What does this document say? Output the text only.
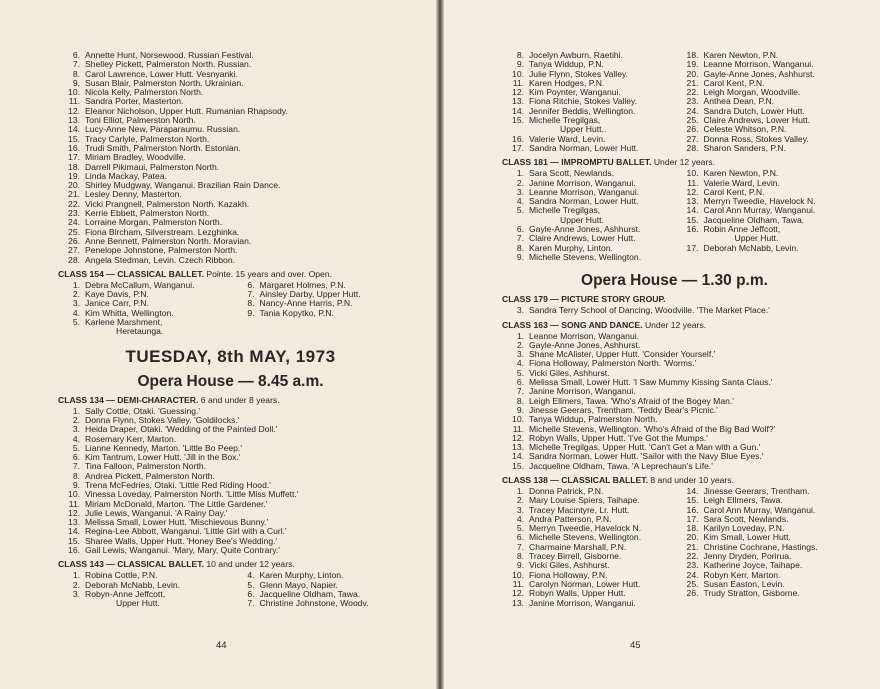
6. Annette Hunt, Norsewood. Russian Festival.
7. Shelley Pickett, Palmerston North. Russian.
8. Carol Lawrence, Lower Hutt. Vesnyanki.
9. Susan Blair, Palmerston North. Ukrainian.
10. Nicola Kelly, Palmerston North.
11. Sandra Porter, Masterton.
12. Eleanor Nicholson, Upper Hutt. Rumanian Rhapsody.
13. Toni Elliot, Palmerston North.
14. Lucy-Anne New, Paraparaumu. Russian.
15. Tracy Carlyle, Palmerston North.
16. Trudi Smith, Palmerston North. Estonian.
17. Miriam Bradley, Woodville.
18. Darrell Pikimaui, Palmerston North.
19. Linda Mackay, Patea.
20. Shirley Mudgway, Wanganui. Brazilian Rain Dance.
21. Lesley Denny, Masterton.
22. Vicki Prangnell, Palmerston North. Kazakh.
23. Kerrie Ebbett, Palmerston North.
24. Lorraine Morgan, Palmerston North.
25. Fiona Bircham, Silverstream. Lezghinka.
26. Anne Bennett, Palmerston North. Moravian.
27. Penelope Johnstone, Palmerston North.
28. Angela Stedman, Levin. Czech Ribbon.
CLASS 154 — CLASSICAL BALLET. Pointe. 15 years and over. Open.
1. Debra McCallum, Wanganui.
2. Kaye Davis, P.N.
3. Janice Carr, P.N.
4. Kim Whitta, Wellington.
5. Karlene Marshment,
Heretaunga.
6. Margaret Holmes, P.N.
7. Ainsley Darby, Upper Hutt.
8. Nancy-Anne Harris, P.N.
9. Tania Kopytko, P.N.
TUESDAY, 8th MAY, 1973
Opera House — 8.45 a.m.
CLASS 134 — DEMI-CHARACTER. 6 and under 8 years.
1. Sally Cottle, Otaki. 'Guessing.'
2. Donna Flynn, Stokes Valley. 'Goldilocks.'
3. Heida Draper, Otaki. 'Wedding of the Painted Doll.'
4. Rosemary Kerr, Marton.
5. Lianne Kennedy, Marton. 'Little Bo Peep.'
6. Kim Tantrum, Lower Hutt. 'Jill in the Box.'
7. Tina Falloon, Palmerston North.
8. Andrea Pickett, Palmerston North.
9. Trena McFedries, Otaki. 'Little Red Riding Hood.'
10. Vinessa Loveday, Palmerston North. 'Little Miss Muffett.'
11. Miriam McDonald, Marton. 'The Little Gardener.'
12. Julie Lewis, Wanganui. 'A Rainy Day.'
13. Melissa Small, Lower Hutt. 'Mischievous Bunny.'
14. Regina-Lee Abbott, Wanganui. 'Little Girl with a Curl.'
15. Sharee Walls, Upper Hutt. 'Honey Bee's Wedding.'
16. Gail Lewis, Wanganui. 'Mary, Mary, Quite Contrary.'
CLASS 143 — CLASSICAL BALLET. 10 and under 12 years.
1. Robina Cottle, P.N.
2. Deborah McNabb, Levin.
3. Robyn-Anne Jeffcott,
Upper Hutt.
4. Karen Murphy, Linton.
5. Glenn Mayo, Napier.
6. Jacqueline Oldham, Tawa.
7. Christine Johnstone, Woodv.
44
8. Jocelyn Awburn, Raetihi.
9. Tanya Widdup, P.N.
10. Julie Flynn, Stokes Valley.
11. Karen Hodges, P.N.
12. Kim Poynter, Wanganui.
13. Fiona Ritchie, Stokes Valley.
14. Jennifer Beddis, Wellington.
15. Michelle Tregilgas,
Upper Hutt..
16. Valerie Ward, Levin.
17. Sandra Norman, Lower Hutt.
18. Karen Newton, P.N.
19. Leanne Morrison, Wanganui.
20. Gayle-Anne Jones, Ashhurst.
21. Carol Kent, P.N.
22. Leigh Morgan, Woodville.
23. Anthea Dean, P.N.
24. Sandra Dutch, Lower Hutt.
25. Claire Andrews, Lower Hutt.
26. Celeste Whitson, P.N.
27. Donna Ross, Stokes Valley.
28. Sharon Sanders, P.N.
CLASS 181 — IMPROMPTU BALLET. Under 12 years.
1. Sara Scott, Newlands.
2. Janine Morrison, Wanganui.
3. Leanne Morrison, Wanganui.
4. Sandra Norman, Lower Hutt.
5. Michelle Tregilgas,
Upper Hutt.
6. Gayle-Anne Jones, Ashhurst.
7. Claire Andrews, Lower Hutt.
8. Karen Murphy, Linton.
9. Michelle Stevens, Wellington.
10. Karen Newton, P.N.
11. Valerie Ward, Levin.
12. Carol Kent, P.N.
13. Merryn Tweedie, Havelock N.
14. Carol Ann Murray, Wanganui.
15. Jacqueline Oldham, Tawa.
16. Robin Anne Jeffcott,
Upper Hutt.
17. Deborah McNabb, Levin.
Opera House — 1.30 p.m.
CLASS 179 — PICTURE STORY GROUP.
3. Sandra Terry School of Dancing, Woodville. 'The Market Place.'
CLASS 163 — SONG AND DANCE. Under 12 years.
1. Leanne Morrison, Wanganui.
2. Gayle-Anne Jones, Ashhurst.
3. Shane McAlister, Upper Hutt. 'Consider Yourself.'
4. Fiona Holloway, Palmerston North. 'Worms.'
5. Vicki Giles, Ashhurst.
6. Melissa Small, Lower Hutt. 'I Saw Mummy Kissing Santa Claus.'
7. Janine Morrison, Wanganui.
8. Leigh Ellmers, Tawa. 'Who's Afraid of the Bogey Man.'
9. Jinesse Geerars, Trentham. 'Teddy Bear's Picnic.'
10. Tanya Widdup, Palmerston North.
11. Michelle Stevens, Wellington. 'Who's Afraid of the Big Bad Wolf?'
12. Robyn Walls, Upper Hutt. 'I've Got the Mumps.'
13. Michelle Tregilgas, Upper Hutt. 'Can't Get a Man with a Gun.'
14. Sandra Norman, Lower Hutt. 'Sailor with the Navy Blue Eyes.'
15. Jacqueline Oldham, Tawa. 'A Leprechaun's Life.'
CLASS 138 — CLASSICAL BALLET. 8 and under 10 years.
1. Donna Patrick, P.N.
2. Mary Louise Spiers, Taihape.
3. Tracey Macintyre, Lr. Hutt.
4. Andra Patterson, P.N.
5. Merryn Tweedie, Havelock N.
6. Michelle Stevens, Wellington.
7. Charmaine Marshall, P.N.
8. Tracey Birrell, Gisborne.
9. Vicki Giles, Ashhurst.
10. Fiona Holloway, P.N.
11. Carolyn Norman, Lower Hutt.
12. Robyn Walls, Upper Hutt.
13. Janine Morrison, Wanganui.
14. Jinesse Geerars, Trentham.
15. Leigh Ellmers, Tawa.
16. Carol Ann Murray, Wanganui.
17. Sara Scott, Newlands.
18. Karilyn Loveday, P.N.
20. Kim Small, Lower Hutt.
21. Christine Cochrane, Hastings.
22. Jenny Dryden, Porirua.
23. Katherine Joyce, Taihape.
24. Robyn Kerr, Marton.
25. Susan Easton, Levin.
26. Trudy Stratton, Gisborne.
45
